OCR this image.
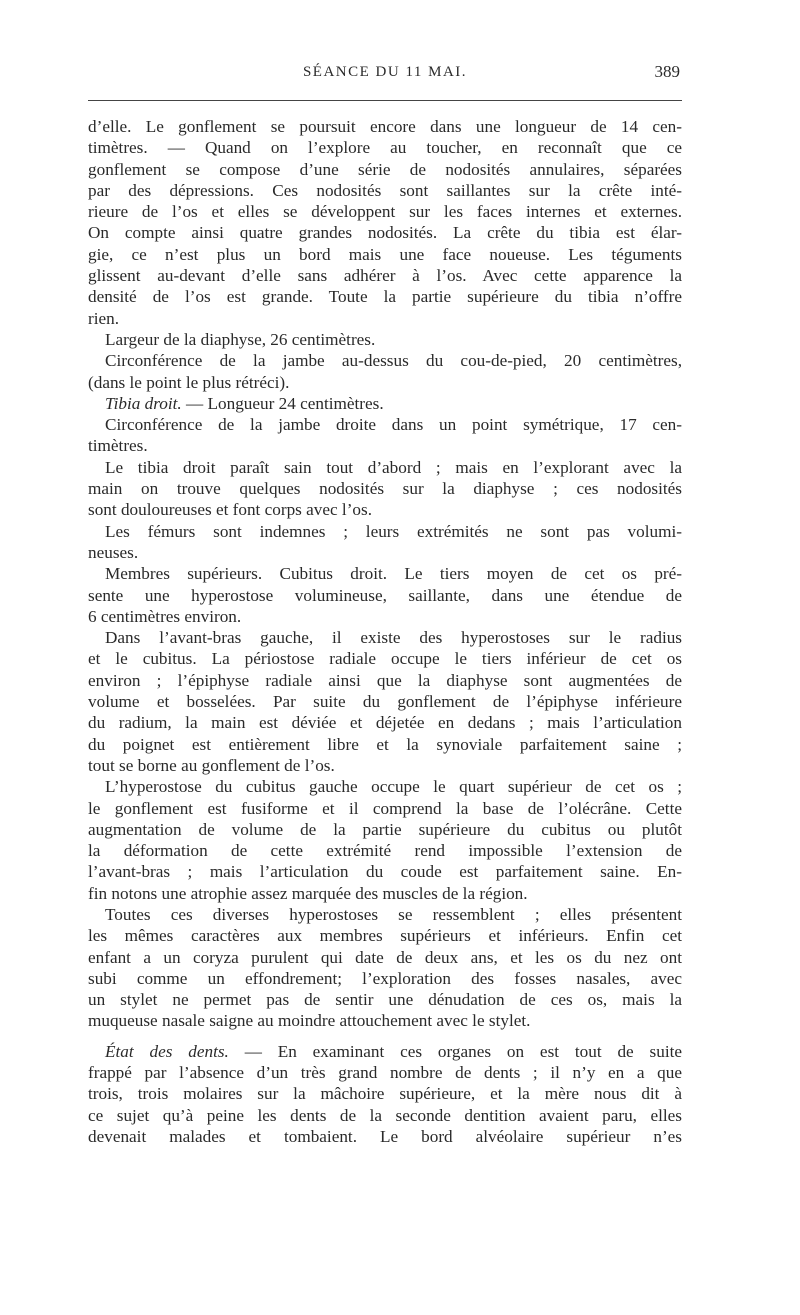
SÉANCE DU 11 MAI.	389
d’elle. Le gonflement se poursuit encore dans une longueur de 14 cen-
timètres. — Quand on l’explore au toucher, en reconnaît que ce
gonflement se compose d’une série de nodosités annulaires, séparées
par des dépressions. Ces nodosités sont saillantes sur la crête inté-
rieure de l’os et elles se développent sur les faces internes et externes.
On compte ainsi quatre grandes nodosités. La crête du tibia est élar-
gie, ce n’est plus un bord mais une face noueuse. Les téguments
glissent au-devant d’elle sans adhérer à l’os. Avec cette apparence la
densité de l’os est grande. Toute la partie supérieure du tibia n’offre
rien.
Largeur de la diaphyse, 26 centimètres.
Circonférence de la jambe au-dessus du cou-de-pied, 20 centimètres,
(dans le point le plus rétréci).
Tibia droit. — Longueur 24 centimètres.
Circonférence de la jambe droite dans un point symétrique, 17 cen-
timètres.
Le tibia droit paraît sain tout d’abord ; mais en l’explorant avec la
main on trouve quelques nodosités sur la diaphyse ; ces nodosités
sont douloureuses et font corps avec l’os.
Les fémurs sont indemnes ; leurs extrémités ne sont pas volumi-
neuses.
Membres supérieurs. Cubitus droit. Le tiers moyen de cet os pré-
sente une hyperostose volumineuse, saillante, dans une étendue de
6 centimètres environ.
Dans l’avant-bras gauche, il existe des hyperostoses sur le radius
et le cubitus. La périostose radiale occupe le tiers inférieur de cet os
environ ; l’épiphyse radiale ainsi que la diaphyse sont augmentées de
volume et bosselées. Par suite du gonflement de l’épiphyse inférieure
du radium, la main est déviée et déjetée en dedans ; mais l’articulation
du poignet est entièrement libre et la synoviale parfaitement saine ;
tout se borne au gonflement de l’os.
L’hyperostose du cubitus gauche occupe le quart supérieur de cet os ;
le gonflement est fusiforme et il comprend la base de l’olécrâne. Cette
augmentation de volume de la partie supérieure du cubitus ou plutôt
la déformation de cette extrémité rend impossible l’extension de
l’avant-bras ; mais l’articulation du coude est parfaitement saine. En-
fin notons une atrophie assez marquée des muscles de la région.
Toutes ces diverses hyperostoses se ressemblent ; elles présentent
les mêmes caractères aux membres supérieurs et inférieurs. Enfin cet
enfant a un coryza purulent qui date de deux ans, et les os du nez ont
subi comme un effondrement; l’exploration des fosses nasales, avec
un stylet ne permet pas de sentir une dénudation de ces os, mais la
muqueuse nasale saigne au moindre attouchement avec le stylet.
État des dents. — En examinant ces organes on est tout de suite
frappé par l’absence d’un très grand nombre de dents ; il n’y en a que
trois, trois molaires sur la mâchoire supérieure, et la mère nous dit à
ce sujet qu’à peine les dents de la seconde dentition avaient paru, elles
devenait malades et tombaient. Le bord alvéolaire supérieur n’es
